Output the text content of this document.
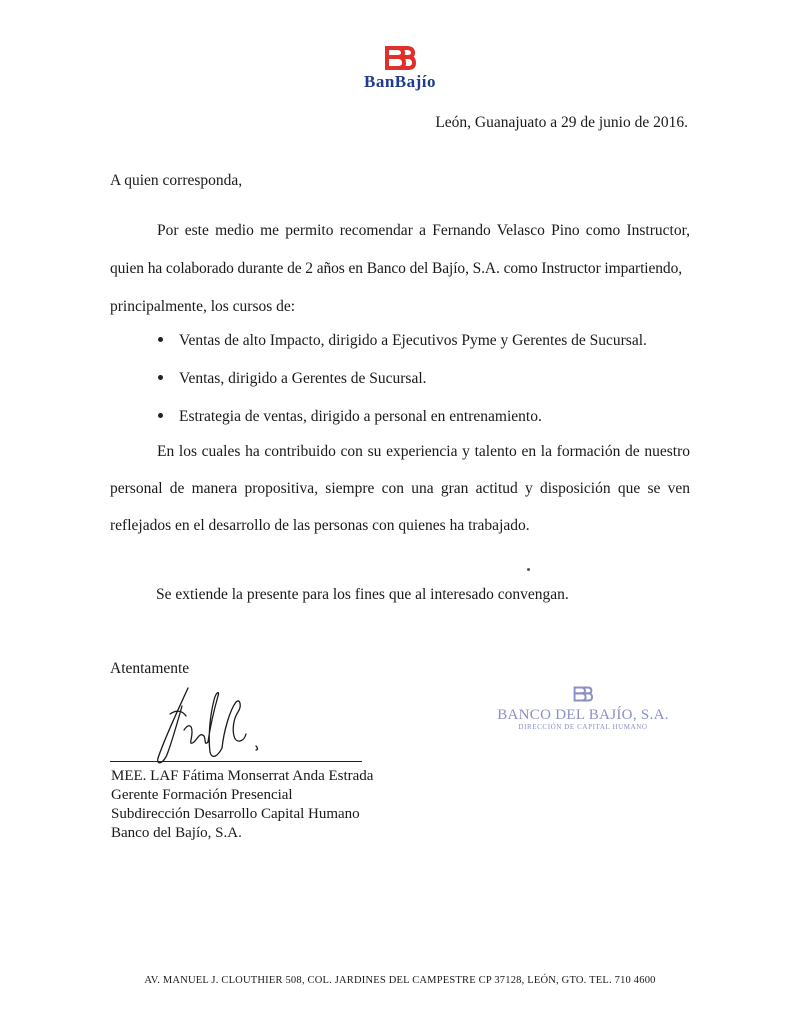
BanBajío
León, Guanajuato a 29 de junio de 2016.
A quien corresponda,
Por este medio me permito recomendar a Fernando Velasco Pino como Instructor,
quien ha colaborado durante de 2 años en Banco del Bajío, S.A. como Instructor impartiendo,
principalmente, los cursos de:
Ventas de alto Impacto, dirigido a Ejecutivos Pyme y Gerentes de Sucursal.
Ventas, dirigido a Gerentes de Sucursal.
Estrategia de ventas, dirigido a personal en entrenamiento.
En los cuales ha contribuido con su experiencia y talento en la formación de nuestro
personal de manera propositiva, siempre con una gran actitud y disposición que se ven
reflejados en el desarrollo de las personas con quienes ha trabajado.
Se extiende la presente para los fines que al interesado convengan.
Atentamente
MEE. LAF Fátima Monserrat Anda Estrada
Gerente Formación Presencial
Subdirección Desarrollo Capital Humano
Banco del Bajío, S.A.
BANCO DEL BAJÍO, S.A.
DIRECCIÓN DE CAPITAL HUMANO
AV. MANUEL J. CLOUTHIER 508, COL. JARDINES DEL CAMPESTRE CP 37128, LEÓN, GTO. TEL. 710 4600
